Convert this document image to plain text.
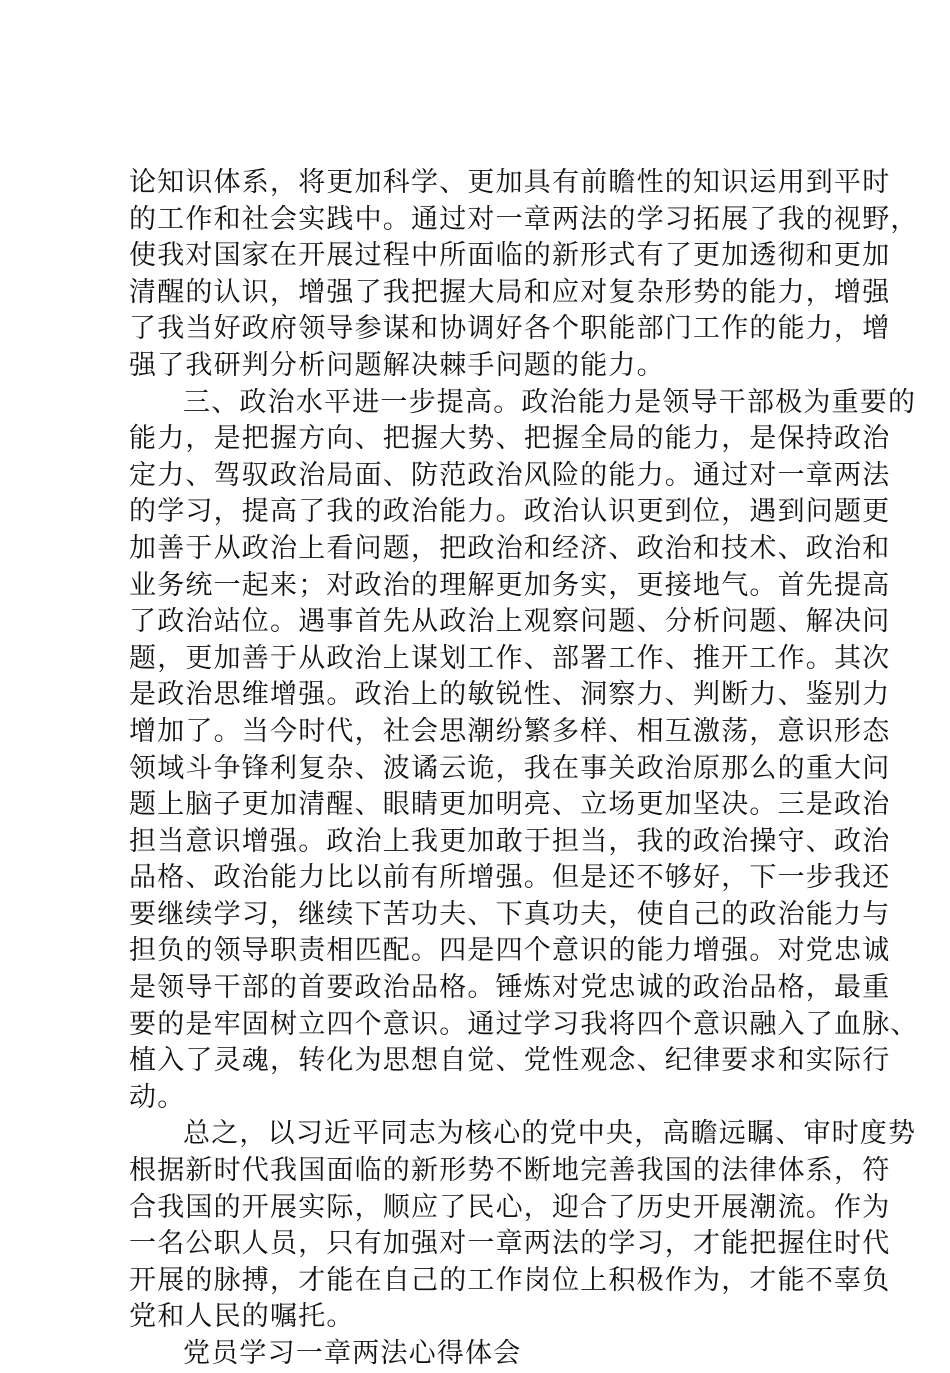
论知识体系，将更加科学、更加具有前瞻性的知识运用到平时
的工作和社会实践中。通过对一章两法的学习拓展了我的视野，
使我对国家在开展过程中所面临的新形式有了更加透彻和更加
清醒的认识，增强了我把握大局和应对复杂形势的能力，增强
了我当好政府领导参谋和协调好各个职能部门工作的能力，增
强了我研判分析问题解决棘手问题的能力。
三、政治水平进一步提高。政治能力是领导干部极为重要的
能力，是把握方向、把握大势、把握全局的能力，是保持政治
定力、驾驭政治局面、防范政治风险的能力。通过对一章两法
的学习，提高了我的政治能力。政治认识更到位，遇到问题更
加善于从政治上看问题，把政治和经济、政治和技术、政治和
业务统一起来；对政治的理解更加务实，更接地气。首先提高
了政治站位。遇事首先从政治上观察问题、分析问题、解决问
题，更加善于从政治上谋划工作、部署工作、推开工作。其次
是政治思维增强。政治上的敏锐性、洞察力、判断力、鉴别力
增加了。当今时代，社会思潮纷繁多样、相互激荡，意识形态
领域斗争锋利复杂、波谲云诡，我在事关政治原那么的重大问
题上脑子更加清醒、眼睛更加明亮、立场更加坚决。三是政治
担当意识增强。政治上我更加敢于担当，我的政治操守、政治
品格、政治能力比以前有所增强。但是还不够好，下一步我还
要继续学习，继续下苦功夫、下真功夫，使自己的政治能力与
担负的领导职责相匹配。四是四个意识的能力增强。对党忠诚
是领导干部的首要政治品格。锤炼对党忠诚的政治品格，最重
要的是牢固树立四个意识。通过学习我将四个意识融入了血脉、
植入了灵魂，转化为思想自觉、党性观念、纪律要求和实际行
动。
总之，以习近平同志为核心的党中央，高瞻远瞩、审时度势
根据新时代我国面临的新形势不断地完善我国的法律体系，符
合我国的开展实际，顺应了民心，迎合了历史开展潮流。作为
一名公职人员，只有加强对一章两法的学习，才能把握住时代
开展的脉搏，才能在自己的工作岗位上积极作为，才能不辜负
党和人民的嘱托。
党员学习一章两法心得体会
